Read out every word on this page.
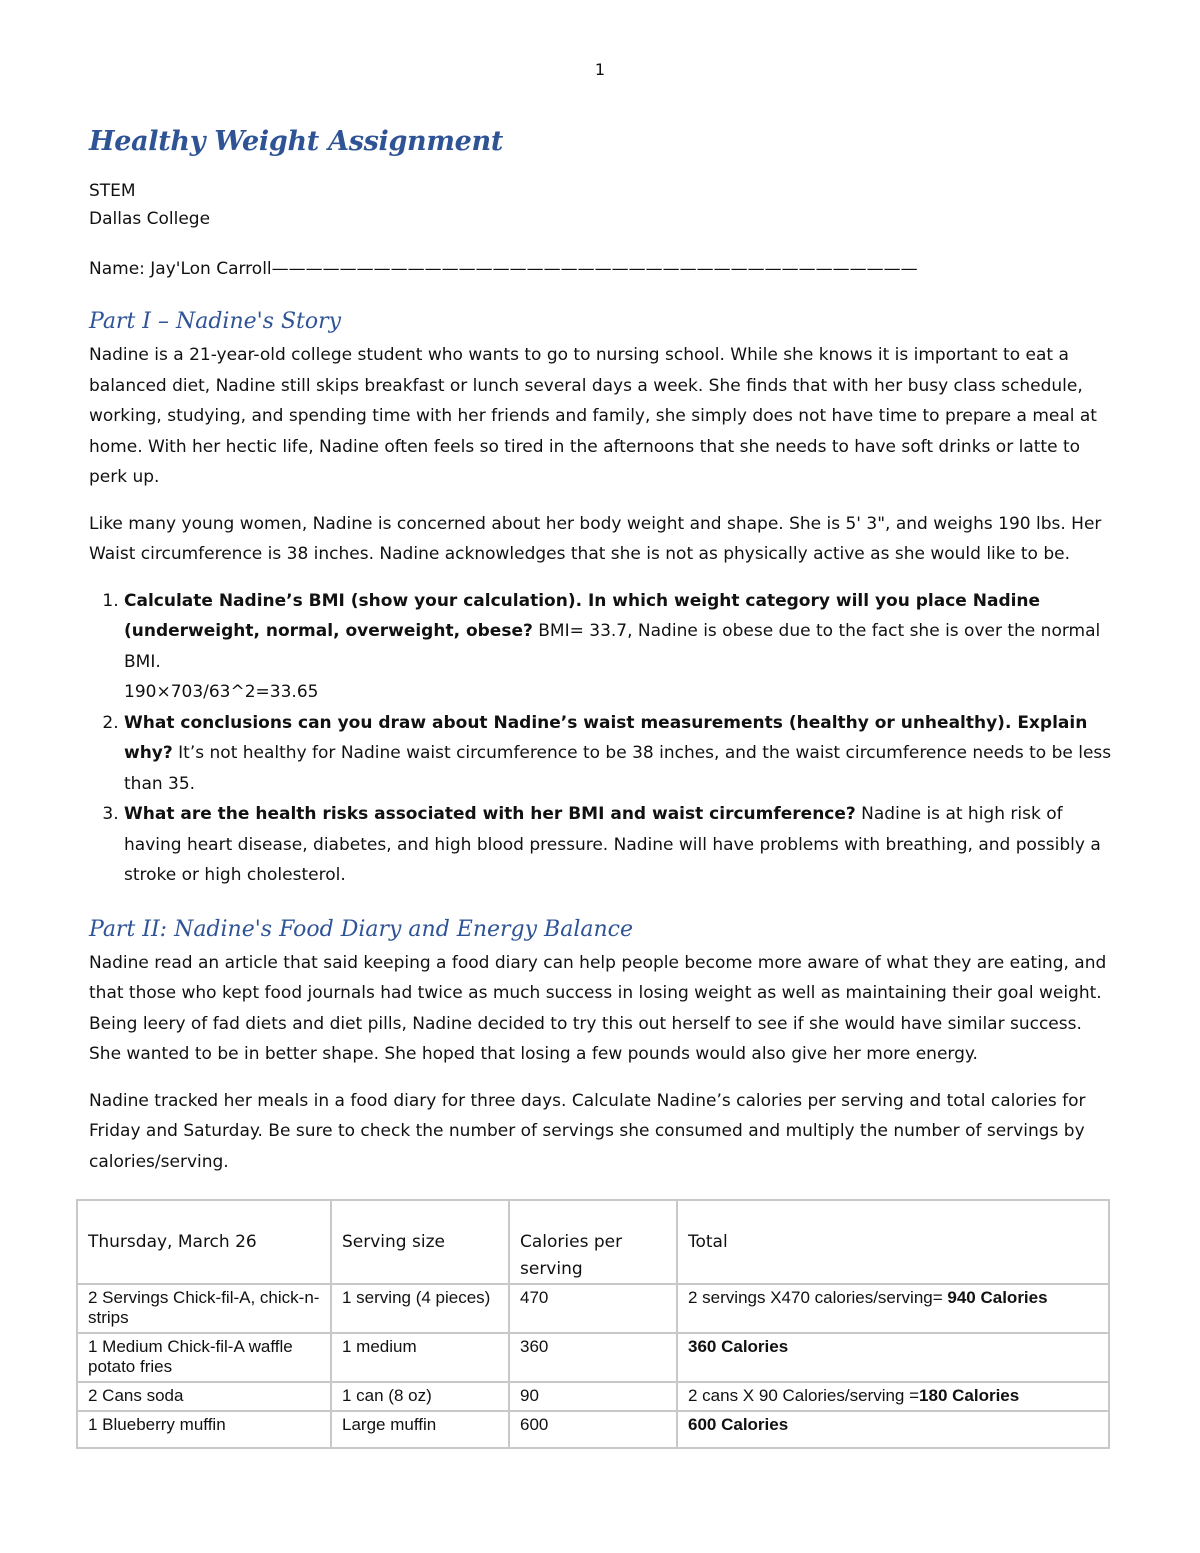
1
Healthy Weight Assignment

STEM

Dallas College

Name: Jay'Lon Carroll——————————————————————————————————————

Part I – Nadine's Story

Nadine is a 21-year-old college student who wants to go to nursing school. While she knows it is important to eat a balanced diet, Nadine still skips breakfast or lunch several days a week. She finds that with her busy class schedule, working, studying, and spending time with her friends and family, she simply does not have time to prepare a meal at home. With her hectic life, Nadine often feels so tired in the afternoons that she needs to have soft drinks or latte to perk up.

Like many young women, Nadine is concerned about her body weight and shape. She is 5' 3", and weighs 190 lbs. Her Waist circumference is 38 inches. Nadine acknowledges that she is not as physically active as she would like to be.

1. Calculate Nadine’s BMI (show your calculation). In which weight category will you place Nadine (underweight, normal, overweight, obese? BMI= 33.7, Nadine is obese due to the fact she is over the normal BMI.
190×703/63^2=33.65
2. What conclusions can you draw about Nadine’s waist measurements (healthy or unhealthy). Explain why? It’s not healthy for Nadine waist circumference to be 38 inches, and the waist circumference needs to be less than 35.
3. What are the health risks associated with her BMI and waist circumference? Nadine is at high risk of having heart disease, diabetes, and high blood pressure. Nadine will have problems with breathing, and possibly a stroke or high cholesterol.
Part II: Nadine's Food Diary and Energy Balance

Nadine read an article that said keeping a food diary can help people become more aware of what they are eating, and that those who kept food journals had twice as much success in losing weight as well as maintaining their goal weight. Being leery of fad diets and diet pills, Nadine decided to try this out herself to see if she would have similar success. She wanted to be in better shape. She hoped that losing a few pounds would also give her more energy.

Nadine tracked her meals in a food diary for three days. Calculate Nadine’s calories per serving and total calories for Friday and Saturday. Be sure to check the number of servings she consumed and multiply the number of servings by calories/serving.

Thursday, March 26	Serving size	Calories per serving	Total
2 Servings Chick-fil-A, chick-n-strips	1 serving (4 pieces)	470	2 servings X470 calories/serving= 940 Calories
1 Medium Chick-fil-A waffle potato fries	1 medium	360	360 Calories
2 Cans soda	1 can (8 oz)	90	2 cans X 90 Calories/serving =180 Calories
1 Blueberry muffin	Large muffin	600	600 Calories
